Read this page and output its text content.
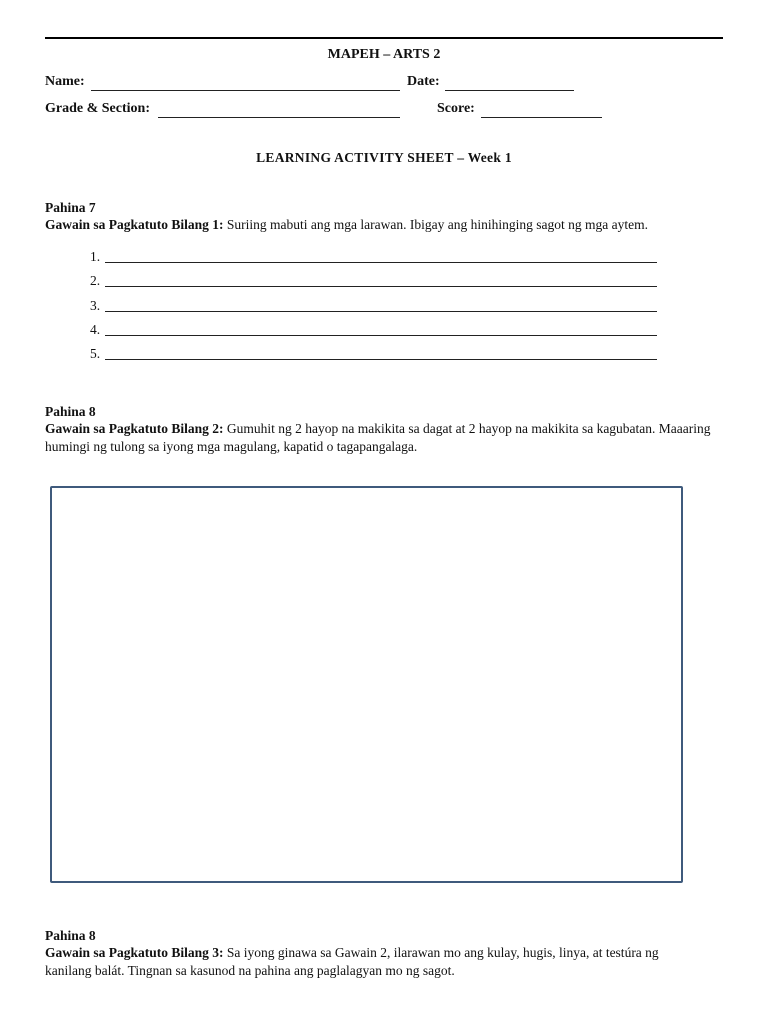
MAPEH – ARTS 2
Name:	Date:
Grade & Section:	Score:
LEARNING ACTIVITY SHEET – Week 1
Pahina 7
Gawain sa Pagkatuto Bilang 1: Suriing mabuti ang mga larawan. Ibigay ang hinihinging sagot ng mga aytem.
1.
2.
3.
4.
5.
Pahina 8
Gawain sa Pagkatuto Bilang 2: Gumuhit ng 2 hayop na makikita sa dagat at 2 hayop na makikita sa kagubatan. Maaaring
humingi ng tulong sa iyong mga magulang, kapatid o tagapangalaga.
Pahina 8
Gawain sa Pagkatuto Bilang 3: Sa iyong ginawa sa Gawain 2, ilarawan mo ang kulay, hugis, linya, at testúra ng
kanilang balát. Tingnan sa kasunod na pahina ang paglalagyan mo ng sagot.
